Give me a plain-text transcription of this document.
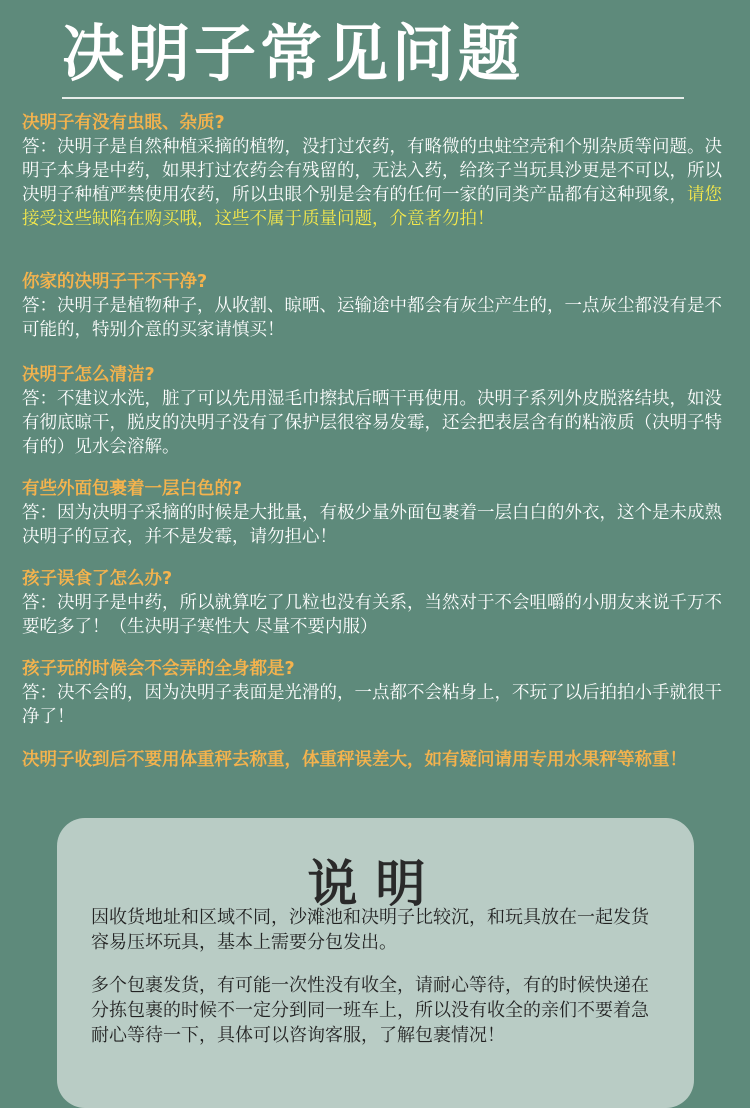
决明子常见问题
决明子有没有虫眼、杂质?
答：决明子是自然种植采摘的植物，没打过农药，有略微的虫蛀空壳和个别杂质等问题。决明子本身是中药，如果打过农药会有残留的，无法入药，给孩子当玩具沙更是不可以，所以决明子种植严禁使用农药，所以虫眼个别是会有的任何一家的同类产品都有这种现象，请您接受这些缺陷在购买哦，这些不属于质量问题，介意者勿拍！
你家的决明子干不干净?
答：决明子是植物种子，从收割、晾晒、运输途中都会有灰尘产生的，一点灰尘都没有是不可能的，特别介意的买家请慎买！
决明子怎么清洁?
答：不建议水洗，脏了可以先用湿毛巾擦拭后晒干再使用。决明子系列外皮脱落结块，如没有彻底晾干，脱皮的决明子没有了保护层很容易发霉，还会把表层含有的粘液质（决明子特有的）见水会溶解。
有些外面包裹着一层白色的?
答：因为决明子采摘的时候是大批量，有极少量外面包裹着一层白白的外衣，这个是未成熟决明子的豆衣，并不是发霉，请勿担心！
孩子误食了怎么办?
答：决明子是中药，所以就算吃了几粒也没有关系，当然对于不会咀嚼的小朋友来说千万不要吃多了！（生决明子寒性大 尽量不要内服）
孩子玩的时候会不会弄的全身都是?
答：决不会的，因为决明子表面是光滑的，一点都不会粘身上，不玩了以后拍拍小手就很干净了！
决明子收到后不要用体重秤去称重，体重秤误差大，如有疑问请用专用水果秤等称重！
说明
因收货地址和区域不同，沙滩池和决明子比较沉，和玩具放在一起发货容易压坏玩具，基本上需要分包发出。
多个包裹发货，有可能一次性没有收全，请耐心等待，有的时候快递在分拣包裹的时候不一定分到同一班车上，所以没有收全的亲们不要着急耐心等待一下，具体可以咨询客服，了解包裹情况！
